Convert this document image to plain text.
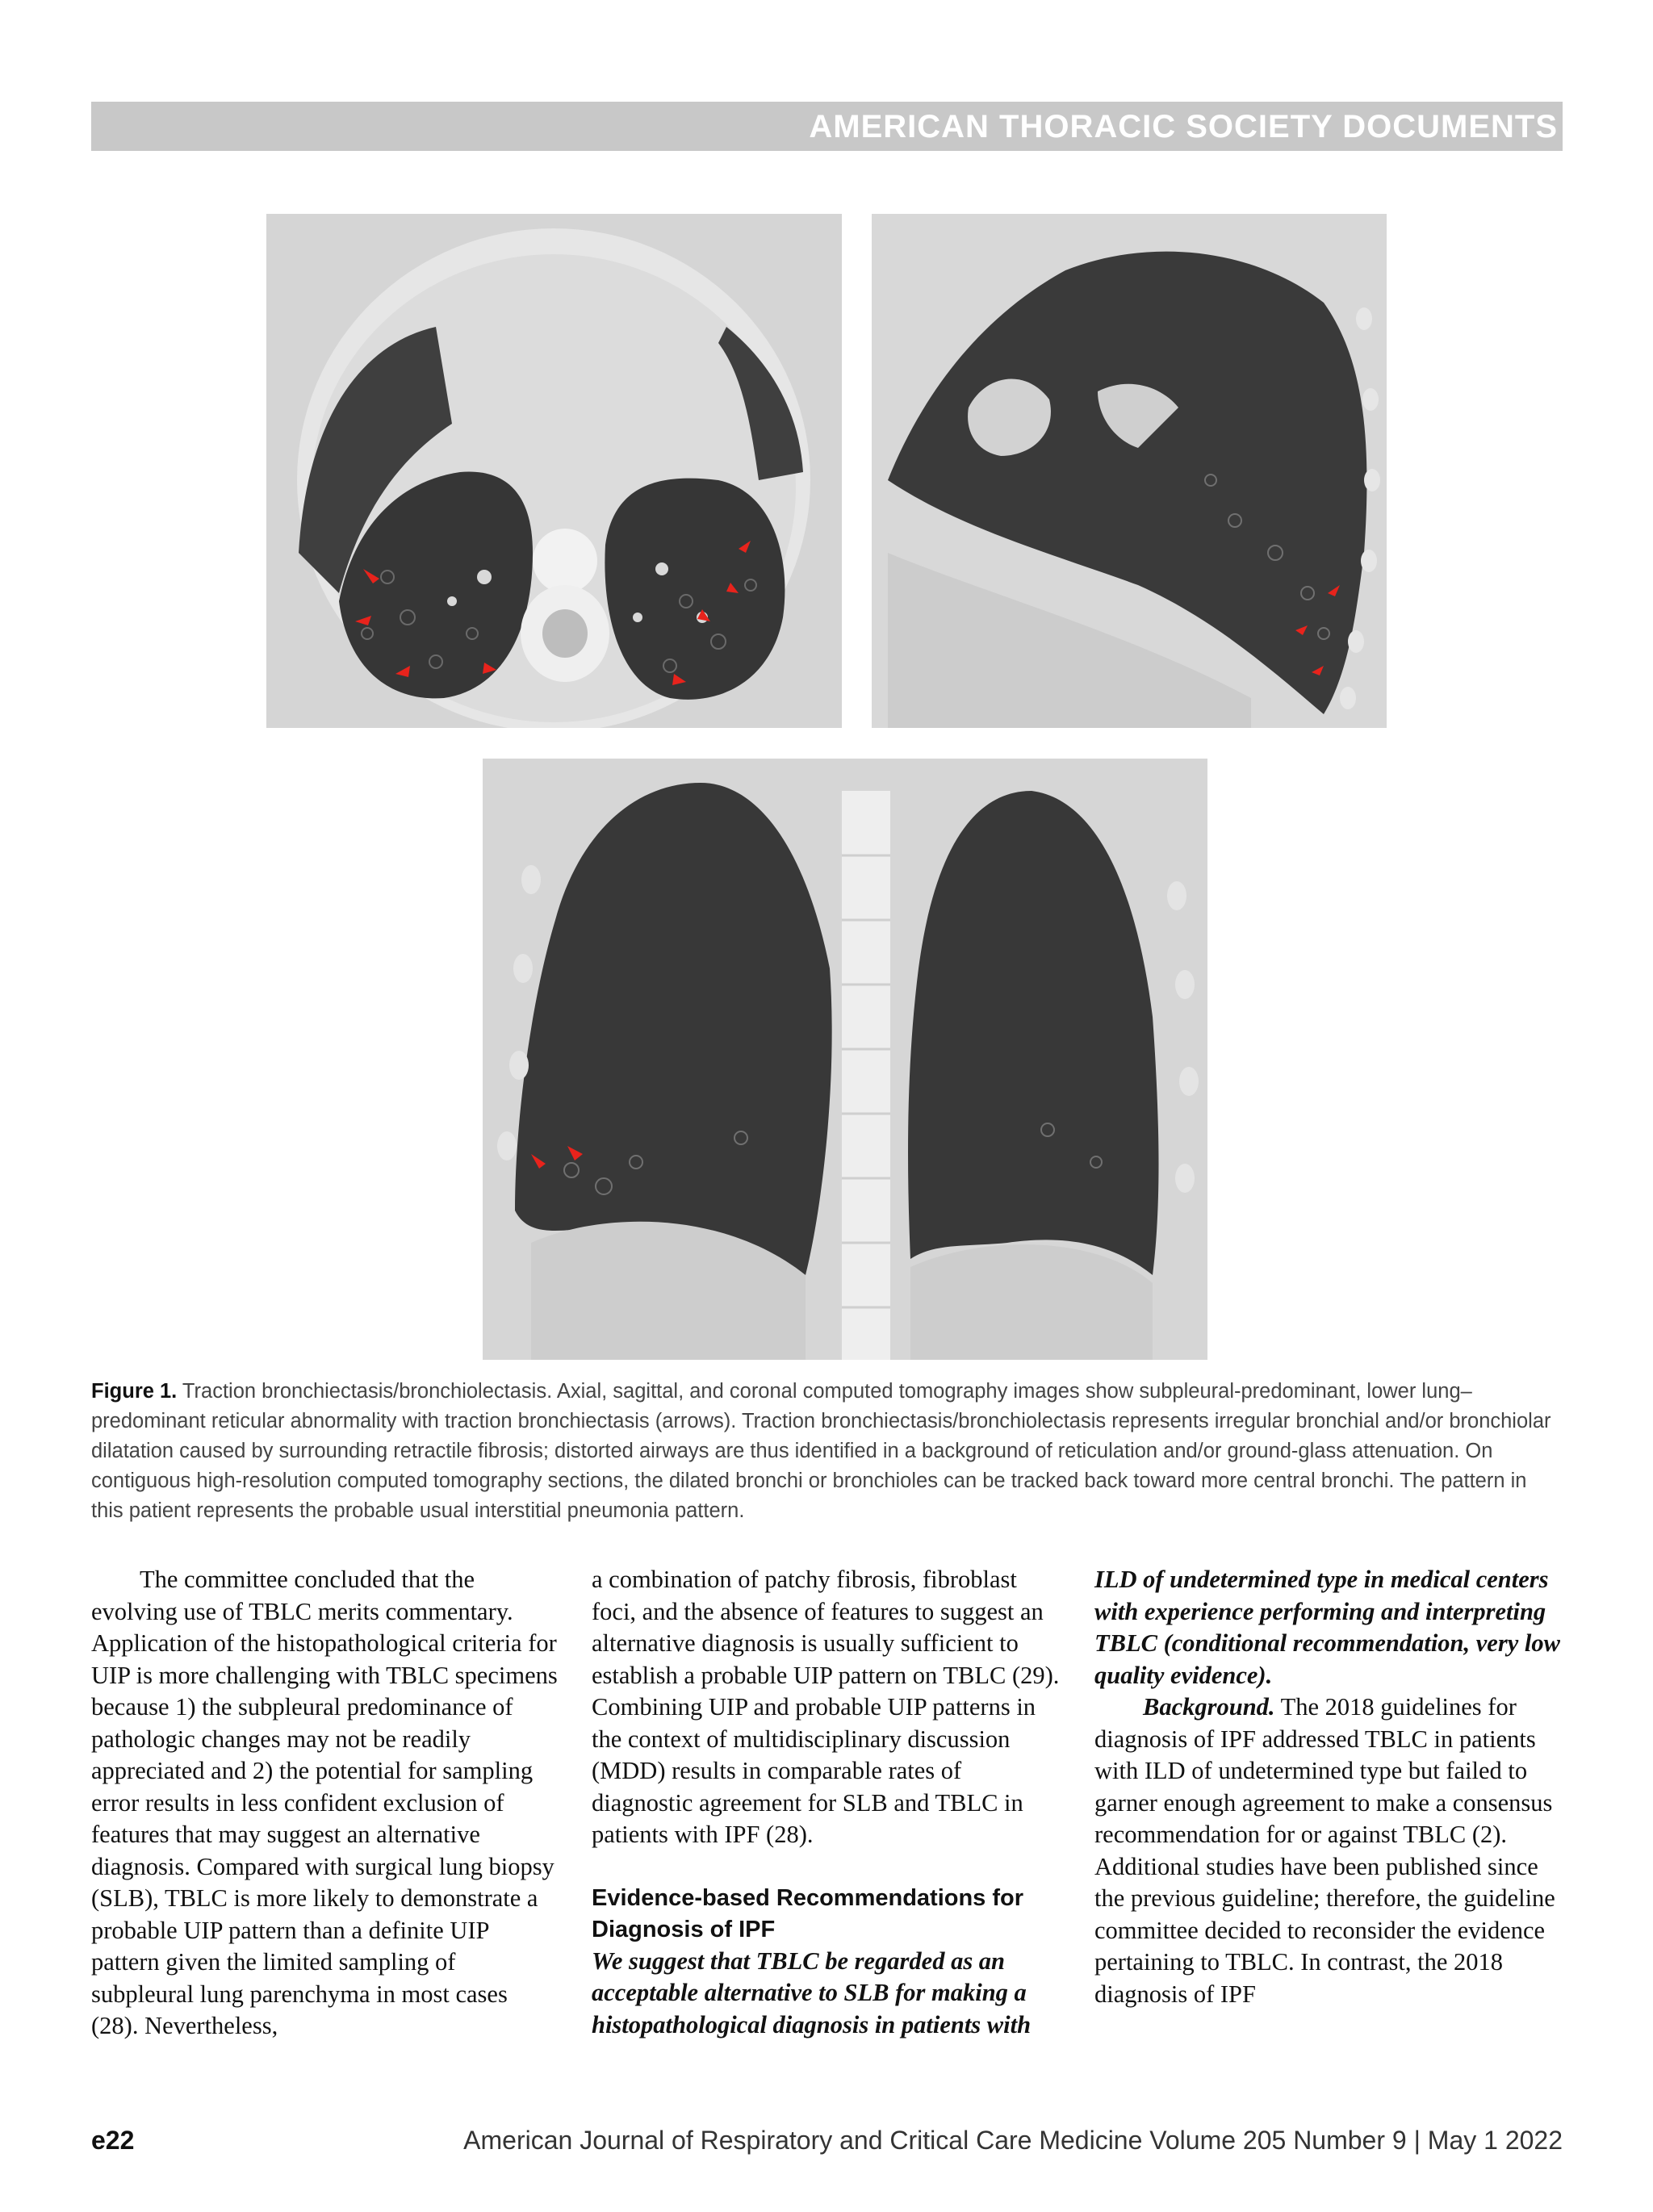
AMERICAN THORACIC SOCIETY DOCUMENTS
Figure 1. Traction bronchiectasis/bronchiolectasis. Axial, sagittal, and coronal computed tomography images show subpleural-predominant, lower lung–predominant reticular abnormality with traction bronchiectasis (arrows). Traction bronchiectasis/bronchiolectasis represents irregular bronchial and/or bronchiolar dilatation caused by surrounding retractile fibrosis; distorted airways are thus identified in a background of reticulation and/or ground-glass attenuation. On contiguous high-resolution computed tomography sections, the dilated bronchi or bronchioles can be tracked back toward more central bronchi. The pattern in this patient represents the probable usual interstitial pneumonia pattern.

The committee concluded that the evolving use of TBLC merits commentary. Application of the histopathological criteria for UIP is more challenging with TBLC specimens because 1) the subpleural predominance of pathologic changes may not be readily appreciated and 2) the potential for sampling error results in less confident exclusion of features that may suggest an alternative diagnosis. Compared with surgical lung biopsy (SLB), TBLC is more likely to demonstrate a probable UIP pattern than a definite UIP pattern given the limited sampling of subpleural lung parenchyma in most cases (28). Nevertheless,

a combination of patchy fibrosis, fibroblast foci, and the absence of features to suggest an alternative diagnosis is usually sufficient to establish a probable UIP pattern on TBLC (29). Combining UIP and probable UIP patterns in the context of multidisciplinary discussion (MDD) results in comparable rates of diagnostic agreement for SLB and TBLC in patients with IPF (28).

Evidence-based Recommendations for Diagnosis of IPF

We suggest that TBLC be regarded as an acceptable alternative to SLB for making a histopathological diagnosis in patients with

ILD of undetermined type in medical centers with experience performing and interpreting TBLC (conditional recommendation, very low quality evidence).

Background. The 2018 guidelines for diagnosis of IPF addressed TBLC in patients with ILD of undetermined type but failed to garner enough agreement to make a consensus recommendation for or against TBLC (2). Additional studies have been published since the previous guideline; therefore, the guideline committee decided to reconsider the evidence pertaining to TBLC. In contrast, the 2018 diagnosis of IPF

e22	American Journal of Respiratory and Critical Care Medicine Volume 205 Number 9 | May 1 2022
